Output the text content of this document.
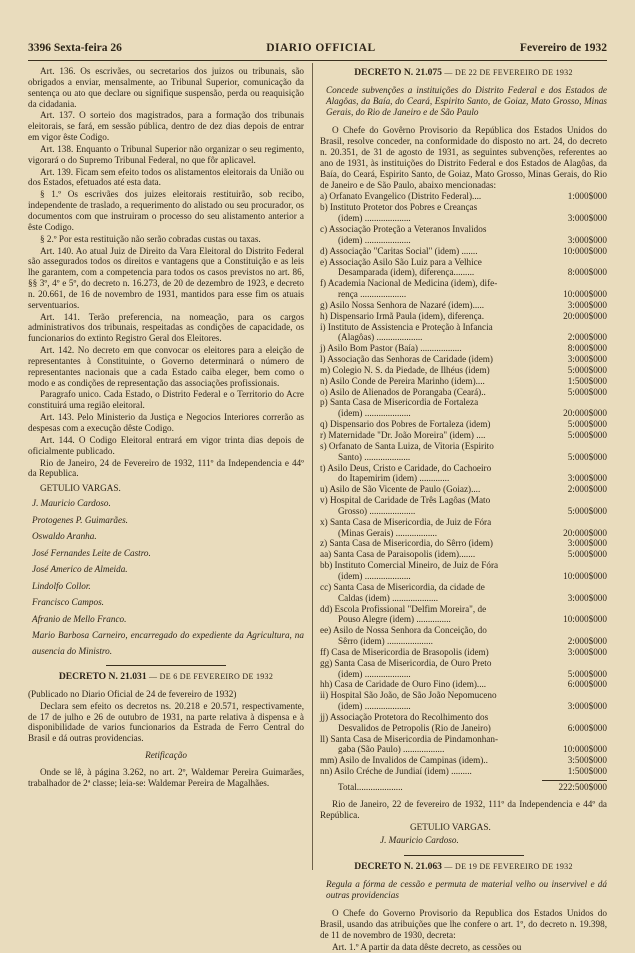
3396 Sexta-feira 26	DIARIO OFFICIAL	Fevereiro de 1932

Art. 136. Os escrivães, ou secretarios dos juizos ou tribunais, são obrigados a enviar, mensalmente, ao Tribunal Superior, comunicação da sentença ou ato que declare ou signifique suspensão, perda ou reaquisição da cidadania.

Art. 137. O sorteio dos magistrados, para a formação dos tribunais eleitorais, se fará, em sessão pública, dentro de dez dias depois de entrar em vigor êste Codigo.

Art. 138. Enquanto o Tribunal Superior não organizar o seu regimento, vigorará o do Supremo Tribunal Federal, no que fôr aplicavel.

Art. 139. Ficam sem efeito todos os alistamentos eleitorais da União ou dos Estados, efetuados até esta data.

§ 1.º Os escrivães dos juizes eleitorais restituirão, sob recibo, independente de traslado, a requerimento do alistado ou seu procurador, os documentos com que instruiram o processo do seu alistamento anterior a êste Codigo.

§ 2.º Por esta restituição não serão cobradas custas ou taxas.

Art. 140. Ao atual Juiz de Direito da Vara Eleitoral do Distrito Federal são assegurados todos os direitos e vantagens que a Constituição e as leis lhe garantem, com a competencia para todos os casos previstos no art. 86, §§ 3º, 4º e 5º, do decreto n. 16.273, de 20 de dezembro de 1923, e decreto n. 20.661, de 16 de novembro de 1931, mantidos para esse fim os atuais serventuarios.

Art. 141. Terão preferencia, na nomeação, para os cargos administrativos dos tribunais, respeitadas as condições de capacidade, os funcionarios do extinto Registro Geral dos Eleitores.

Art. 142. No decreto em que convocar os eleitores para a eleição de representantes à Constituinte, o Governo determinará o número de representantes nacionais que a cada Estado caiba eleger, bem como o modo e as condições de representação das associações profissionais.

Paragrafo unico. Cada Estado, o Distrito Federal e o Territorio do Acre constituirá uma região eleitoral.

Art. 143. Pelo Ministerio da Justiça e Negocios Interiores correrão as despesas com a execução dêste Codigo.

Art. 144. O Codigo Eleitoral entrará em vigor trinta dias depois de oficialmente publicado.

Rio de Janeiro, 24 de Fevereiro de 1932, 111º da Independencia e 44º da Republica.

GETULIO VARGAS.

J. Mauricio Cardoso.

Protogenes P. Guimarães.

Oswaldo Aranha.

José Fernandes Leite de Castro.

José Americo de Almeida.

Lindolfo Collor.

Francisco Campos.

Afranio de Mello Franco.

Mario Barbosa Carneiro, encarregado do expediente da Agricultura, na ausencia do Ministro.

DECRETO N. 21.031 — DE 6 DE FEVEREIRO DE 1932

(Publicado no Diario Oficial de 24 de fevereiro de 1932)

Declara sem efeito os decretos ns. 20.218 e 20.571, respectivamente, de 17 de julho e 26 de outubro de 1931, na parte relativa à dispensa e à disponibilidade de varios funcionarios da Estrada de Ferro Central do Brasil e dá outras providencias.

Retificação

Onde se lê, à página 3.262, no art. 2º, Waldemar Pereira Guimarães, trabalhador de 2ª classe; leia-se: Waldemar Pereira de Magalhães.

DECRETO N. 21.075 — DE 22 DE FEVEREIRO DE 1932

Concede subvenções a instituições do Distrito Federal e dos Estados de Alagôas, da Baía, do Ceará, Espirito Santo, de Goiaz, Mato Grosso, Minas Gerais, do Rio de Janeiro e de São Paulo

O Chefe do Govêrno Provisorio da República dos Estados Unidos do Brasil, resolve conceder, na conformidade do disposto no art. 24, do decreto n. 20.351, de 31 de agosto de 1931, as seguintes subvenções, referentes ao ano de 1931, às instituições do Distrito Federal e dos Estados de Alagôas, da Baía, do Ceará, Espirito Santo, de Goiaz, Mato Grosso, Minas Gerais, do Rio de Janeiro e de São Paulo, abaixo mencionadas:

a) Orfanato Evangelico (Distrito Federal)....	1:000$000
b) Instituto Protetor dos Pobres e Creanças
(idem) ....................	3:000$000
c) Associação Proteção a Veteranos Invalidos
(idem) ....................	3:000$000
d) Associação "Caritas Social" (idem) .......	10:000$000
e) Associação Asilo São Luiz para a Velhice
Desamparada (idem), diferença.........	8:000$000
f) Academia Nacional de Medicina (idem), dife-
rença ....................	10:000$000
g) Asilo Nossa Senhora de Nazaré (idem).....	3:000$000
h) Dispensario Irmã Paula (idem), diferença.	20:000$000
i) Instituto de Assistencia e Proteção à Infancia
(Alagôas) ....................	2:000$000
j) Asilo Bom Pastor (Baía) ..................	8:000$000
l) Associação das Senhoras de Caridade (idem)	3:000$000
m) Colegio N. S. da Piedade, de Ilhéus (idem)	5:000$000
n) Asilo Conde de Pereira Marinho (idem)....	1:500$000
o) Asilo de Alienados de Porangaba (Ceará)..	5:000$000
p) Santa Casa de Misericordia de Fortaleza
(idem) ....................	20:000$000
q) Dispensario dos Pobres de Fortaleza (idem)	5:000$000
r) Maternidade "Dr. João Moreira" (idem) ....	5:000$000
s) Orfanato de Santa Luiza, de Vitoria (Espirito
Santo) ....................	5:000$000
t) Asilo Deus, Cristo e Caridade, do Cachoeiro
do Itapemirim (idem) .............	3:000$000
u) Asilo de São Vicente de Paulo (Goiaz)....	2:000$000
v) Hospital de Caridade de Três Lagôas (Mato
Grosso) ....................	5:000$000
x) Santa Casa de Misericordia, de Juiz de Fóra
(Minas Gerais) ..................	20:000$000
z) Santa Casa de Misericordia, do Sêrro (idem)	3:000$000
aa) Santa Casa de Paraisopolis (idem).......	5:000$000
bb) Instituto Comercial Mineiro, de Juiz de Fóra
(idem) ....................	10:000$000
cc) Santa Casa de Misericordia, da cidade de
Caldas (idem) ....................	3:000$000
dd) Escola Profissional "Delfim Moreira", de
Pouso Alegre (idem) ...............	10:000$000
ee) Asilo de Nossa Senhora da Conceição, do
Sêrro (idem) ....................	2:000$000
ff) Casa de Misericordia de Brasopolis (idem)	3:000$000
gg) Santa Casa de Misericordia, de Ouro Preto
(idem) ....................	5:000$000
hh) Casa de Caridade de Ouro Fino (idem)....	6:000$000
ii) Hospital São João, de São João Nepomuceno
(idem) ....................	3:000$000
jj) Associação Protetora do Recolhimento dos
Desvalidos de Petropolis (Rio de Janeiro)	6:000$000
ll) Santa Casa de Misericordia de Pindamonhan-
gaba (São Paulo) ..................	10:000$000
mm) Asilo de Invalidos de Campinas (idem)..	3:500$000
nn) Asilo Créche de Jundiaí (idem) .........	1:500$000
Total....................	222:500$000

Rio de Janeiro, 22 de fevereiro de 1932, 111º da Independencia e 44º da República.

GETULIO VARGAS.

J. Mauricio Cardoso.

DECRETO N. 21.063 — DE 19 DE FEVEREIRO DE 1932

Regula a fórma de cessão e permuta de material velho ou inservivel e dá outras providencias

O Chefe do Governo Provisorio da Republica dos Estados Unidos do Brasil, usando das atribuições que lhe confere o art. 1º, do decreto n. 19.398, de 11 de novembro de 1930, decreta:

Art. 1.º A partir da data dêste decreto, as cessões ou
